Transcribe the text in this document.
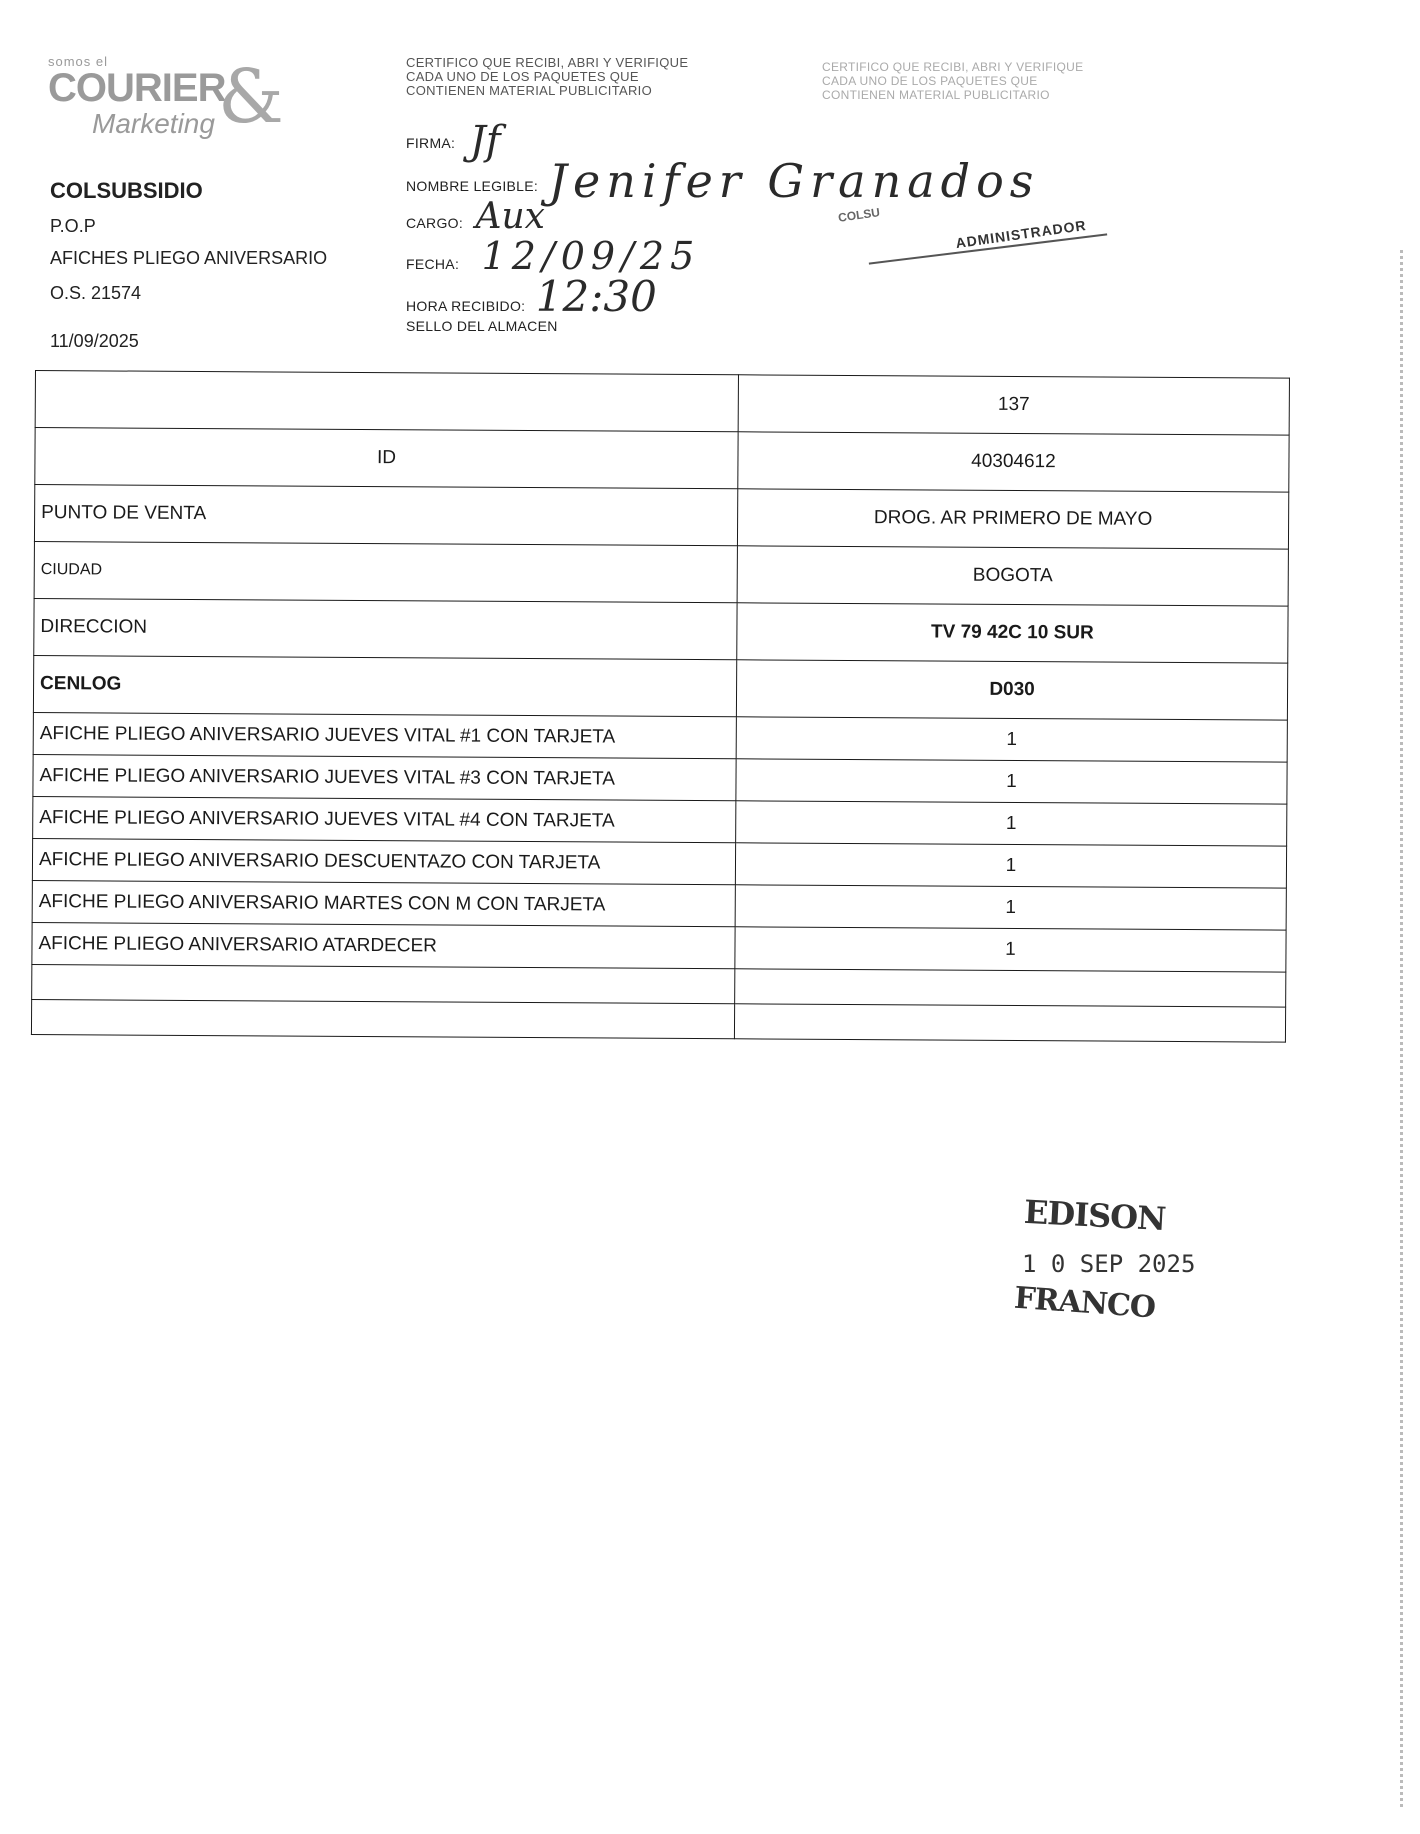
somos el
COURIER
&
Marketing
COLSUBSIDIO
P.O.P
AFICHES PLIEGO ANIVERSARIO
O.S. 21574
11/09/2025
CERTIFICO QUE RECIBI, ABRI Y VERIFIQUE
CADA UNO DE LOS PAQUETES QUE
CONTIENEN MATERIAL PUBLICITARIO
CERTIFICO QUE RECIBI, ABRI Y VERIFIQUE
CADA UNO DE LOS PAQUETES QUE
CONTIENEN MATERIAL PUBLICITARIO
FIRMA: Jf
NOMBRE LEGIBLE: Jenifer Granados
CARGO: Aux
FECHA: 12/09/25
HORA RECIBIDO: 12:30
SELLO DEL ALMACEN
COLSU
ADMINISTRADOR
	137
ID	40304612
PUNTO DE VENTA	DROG. AR PRIMERO DE MAYO
CIUDAD	BOGOTA
DIRECCION	TV 79 42C 10 SUR
CENLOG	D030
AFICHE PLIEGO ANIVERSARIO JUEVES VITAL #1 CON TARJETA	1
AFICHE PLIEGO ANIVERSARIO JUEVES VITAL #3 CON TARJETA	1
AFICHE PLIEGO ANIVERSARIO JUEVES VITAL #4 CON TARJETA	1
AFICHE PLIEGO ANIVERSARIO DESCUENTAZO CON TARJETA	1
AFICHE PLIEGO ANIVERSARIO MARTES CON M CON TARJETA	1
AFICHE PLIEGO ANIVERSARIO ATARDECER	1

EDISON
1 0 SEP 2025
FRANCO
